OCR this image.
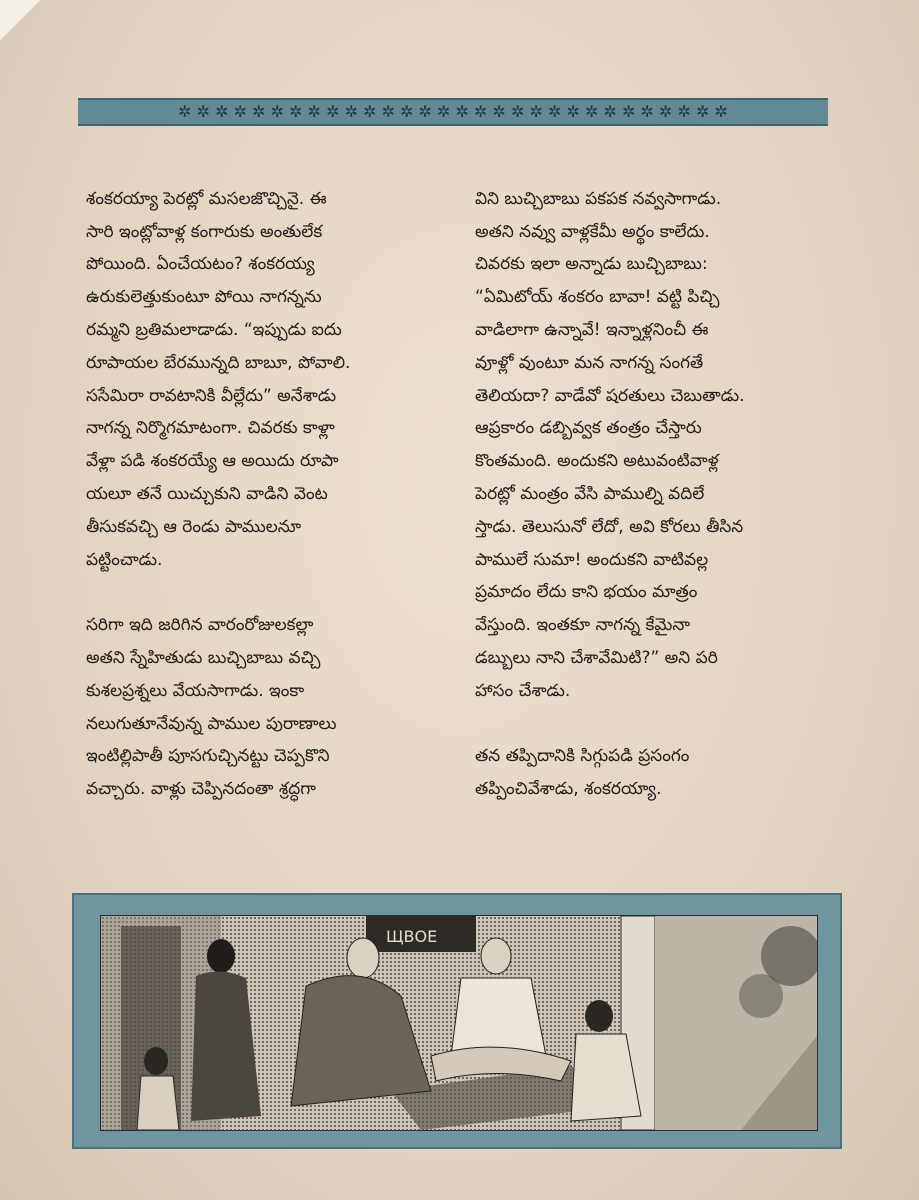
✲ ✲ ✲ ✲ ✲ ✲ ✲ ✲ ✲ ✲ ✲ ✲ ✲ ✲ ✲ ✲ ✲ ✲ ✲ ✲ ✲ ✲ ✲ ✲ ✲ ✲ ✲ ✲ ✲ ✲

శంకరయ్యా పెరట్లో మసలజొచ్చినై. ఈ
సారి ఇంట్లోవాళ్ల కంగారుకు అంతులేక
పోయింది. ఏంచేయటం? శంకరయ్య
ఉరుకులెత్తుకుంటూ పోయి నాగన్నను
రమ్మని బ్రతిమలాడాడు. “ఇప్పుడు ఐదు
రూపాయల బేరమున్నది బాబూ, పోవాలి.
ససేమిరా రావటానికి వీల్లేదు” అనేశాడు
నాగన్న నిర్మొగమాటంగా. చివరకు కాళ్లా
వేళ్లా పడి శంకరయ్యే ఆ అయిదు రూపా
యలూ తనే యిచ్చుకుని వాడిని వెంట
తీసుకవచ్చి ఆ రెండు పాములనూ
పట్టించాడు.

సరిగా ఇది జరిగిన వారంరోజులకల్లా
అతని స్నేహితుడు బుచ్చిబాబు వచ్చి
కుశలప్రశ్నలు వేయసాగాడు. ఇంకా
నలుగుతూనేవున్న పాముల పురాణాలు
ఇంటిల్లిపాతీ పూసగుచ్చినట్టు చెప్పకొని
వచ్చారు. వాళ్లు చెప్పినదంతా శ్రద్ధగా

విని బుచ్చిబాబు పకపక నవ్వసాగాడు.
అతని నవ్వు వాళ్లకేమీ అర్థం కాలేదు.
చివరకు ఇలా అన్నాడు బుచ్చిబాబు:
“ఏమిటోయ్ శంకరం బావా! వట్టి పిచ్చి
వాడిలాగా ఉన్నావే! ఇన్నాళ్లనించీ ఈ
వూళ్లో వుంటూ మన నాగన్న సంగతే
తెలియదా? వాడేవో షరతులు చెబుతాడు.
ఆప్రకారం డబ్బివ్వక తంత్రం చేస్తారు
కొంతమంది. అందుకని అటువంటివాళ్ల
పెరట్లో మంత్రం వేసి పాముల్ని వదిలే
స్తాడు. తెలుసునో లేదో, అవి కోరలు తీసిన
పాములే సుమా! అందుకని వాటివల్ల
ప్రమాదం లేదు కాని భయం మాత్రం
వేస్తుంది. ఇంతకూ నాగన్న కేమైనా
డబ్బులు నాని చేశావేమిటి?” అని పరి
హాసం చేశాడు.

తన తప్పిదానికి సిగ్గుపడి ప్రసంగం
తప్పించివేశాడు, శంకరయ్యా.

ЩВОЕ
